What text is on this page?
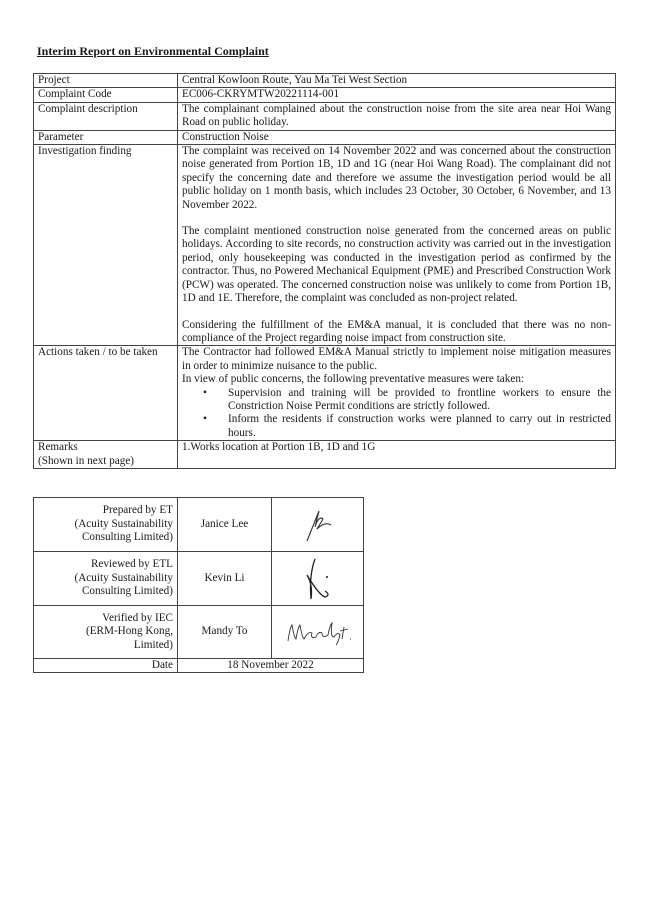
Interim Report on Environmental Complaint
Project	Central Kowloon Route, Yau Ma Tei West Section
Complaint Code	EC006-CKRYMTW20221114-001
Complaint description	The complainant complained about the construction noise from the site area near Hoi Wang Road on public holiday.
Parameter	Construction Noise
Investigation finding	The complaint was received on 14 November 2022 and was concerned about the construction noise generated from Portion 1B, 1D and 1G (near Hoi Wang Road). The complainant did not specify the concerning date and therefore we assume the investigation period would be all public holiday on 1 month basis, which includes 23 October, 30 October, 6 November, and 13 November 2022.

The complaint mentioned construction noise generated from the concerned areas on public holidays. According to site records, no construction activity was carried out in the investigation period, only housekeeping was conducted in the investigation period as confirmed by the contractor. Thus, no Powered Mechanical Equipment (PME) and Prescribed Construction Work (PCW) was operated. The concerned construction noise was unlikely to come from Portion 1B, 1D and 1E. Therefore, the complaint was concluded as non-project related.

Considering the fulfillment of the EM&A manual, it is concluded that there was no non-compliance of the Project regarding noise impact from construction site.

Actions taken / to be taken	The Contractor had followed EM&A Manual strictly to implement noise mitigation measures in order to minimize nuisance to the public.

In view of public concerns, the following preventative measures were taken:

• Supervision and training will be provided to frontline workers to ensure the Constriction Noise Permit conditions are strictly followed.
• Inform the residents if construction works were planned to carry out in restricted hours.

Remarks
(Shown in next page)	1.Works location at Portion 1B, 1D and 1G
Prepared by ET
(Acuity Sustainability
Consulting Limited)	Janice Lee	

Reviewed by ETL
(Acuity Sustainability
Consulting Limited)	Kevin Li	

Verified by IEC
(ERM-Hong Kong,
Limited)	Mandy To	

Date	18 November 2022	
